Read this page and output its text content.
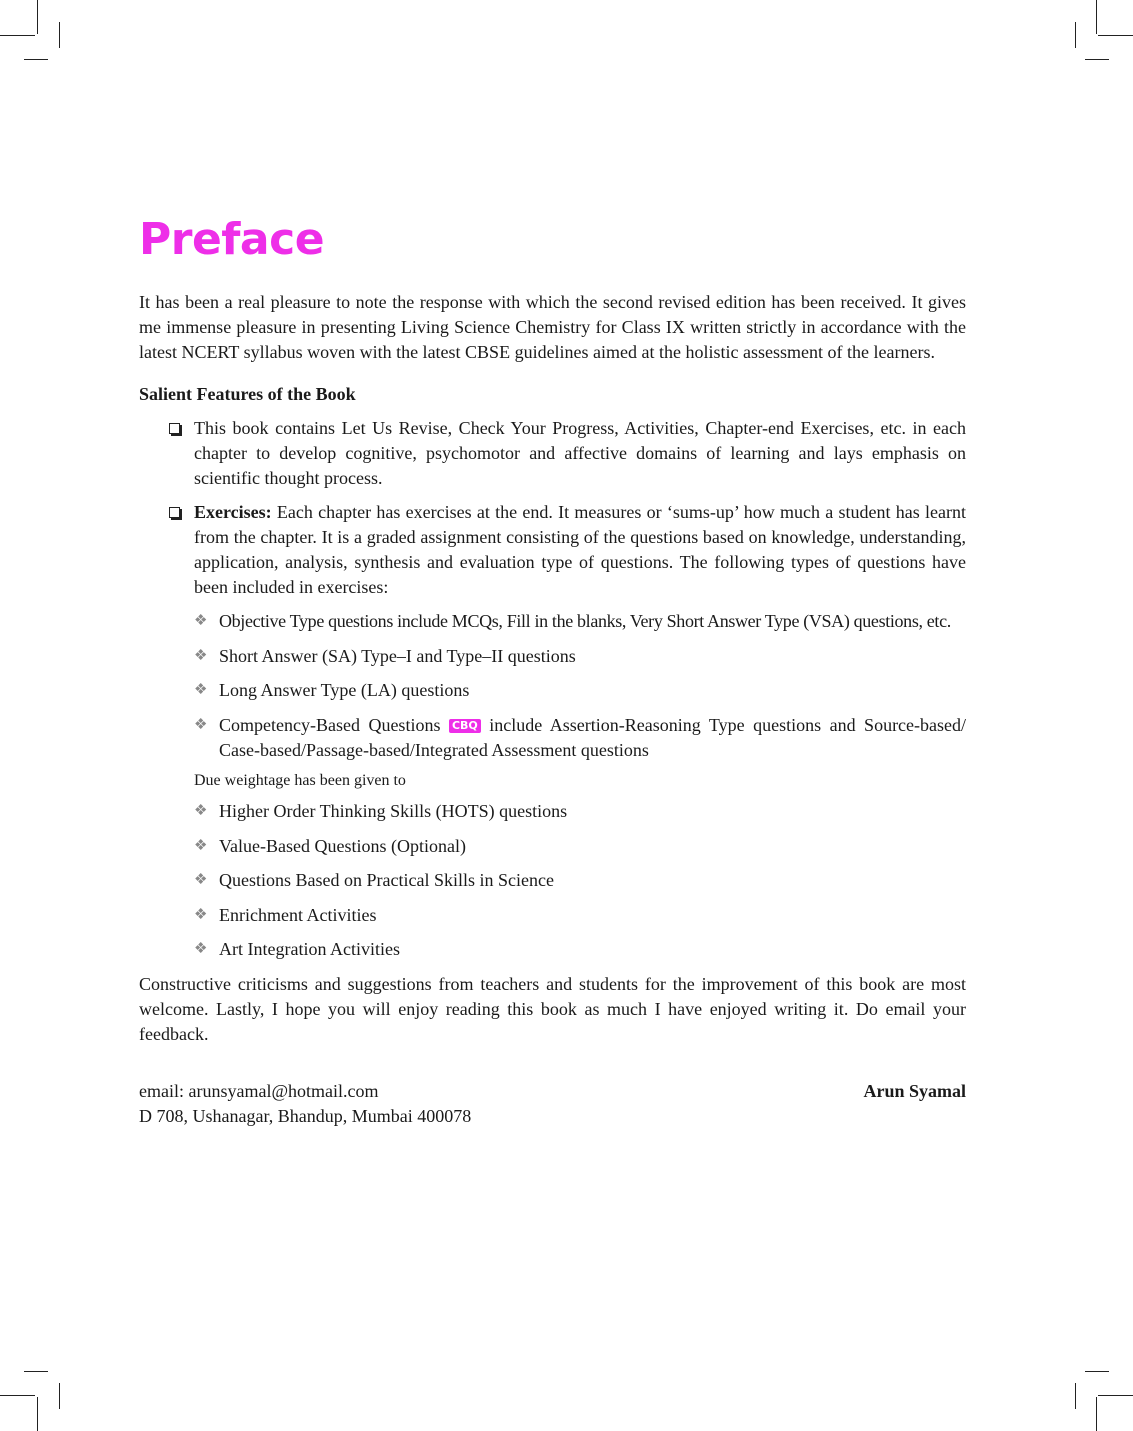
Preface

It has been a real pleasure to note the response with which the second revised edition has been received. It gives me immense pleasure in presenting Living Science Chemistry for Class IX written strictly in accordance with the latest NCERT syllabus woven with the latest CBSE guidelines aimed at the holistic assessment of the learners.

Salient Features of the Book

This book contains Let Us Revise, Check Your Progress, Activities, Chapter-end Exercises, etc. in each chapter to develop cognitive, psychomotor and affective domains of learning and lays emphasis on scientific thought process.

Exercises: Each chapter has exercises at the end. It measures or ‘sums-up’ how much a student has learnt from the chapter. It is a graded assignment consisting of the questions based on knowledge, understanding, application, analysis, synthesis and evaluation type of questions. The following types of questions have been included in exercises:

❖ Objective Type questions include MCQs, Fill in the blanks, Very Short Answer Type (VSA) questions, etc.

❖ Short Answer (SA) Type–I and Type–II questions

❖ Long Answer Type (LA) questions

❖ Competency-Based Questions CBQ include Assertion-Reasoning Type questions and Source-based/ Case-based/Passage-based/Integrated Assessment questions

Due weightage has been given to
❖ Higher Order Thinking Skills (HOTS) questions

❖ Value-Based Questions (Optional)

❖ Questions Based on Practical Skills in Science

❖ Enrichment Activities

❖ Art Integration Activities

Constructive criticisms and suggestions from teachers and students for the improvement of this book are most welcome. Lastly, I hope you will enjoy reading this book as much I have enjoyed writing it. Do email your feedback.

email: arunsyamal@hotmail.com	Arun Syamal
D 708, Ushanagar, Bhandup, Mumbai 400078
